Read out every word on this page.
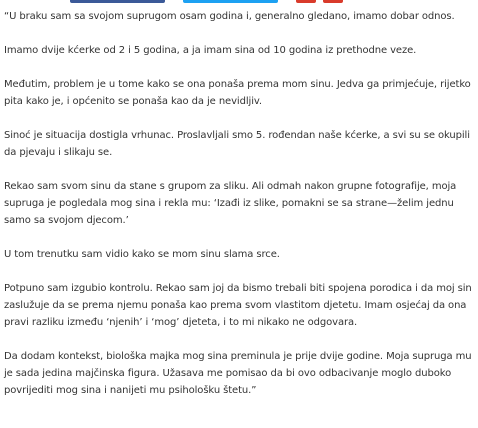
“U braku sam sa svojom suprugom osam godina i, generalno gledano, imamo dobar odnos.

Imamo dvije kćerke od 2 i 5 godina, a ja imam sina od 10 godina iz prethodne veze.

Međutim, problem je u tome kako se ona ponaša prema mom sinu. Jedva ga primjećuje, rijetko pita kako je, i općenito se ponaša kao da je nevidljiv.

Sinoć je situacija dostigla vrhunac. Proslavljali smo 5. rođendan naše kćerke, a svi su se okupili da pjevaju i slikaju se.

Rekao sam svom sinu da stane s grupom za sliku. Ali odmah nakon grupne fotografije, moja supruga je pogledala mog sina i rekla mu: ‘Izađi iz slike, pomakni se sa strane—želim jednu samo sa svojom djecom.’

U tom trenutku sam vidio kako se mom sinu slama srce.

Potpuno sam izgubio kontrolu. Rekao sam joj da bismo trebali biti spojena porodica i da moj sin zaslužuje da se prema njemu ponaša kao prema svom vlastitom djetetu. Imam osjećaj da ona pravi razliku između ‘njenih’ i ‘mog’ djeteta, i to mi nikako ne odgovara.

Da dodam kontekst, biološka majka mog sina preminula je prije dvije godine. Moja supruga mu je sada jedina majčinska figura. Užasava me pomisao da bi ovo odbacivanje moglo duboko povrijediti mog sina i nanijeti mu psihološku štetu.”
